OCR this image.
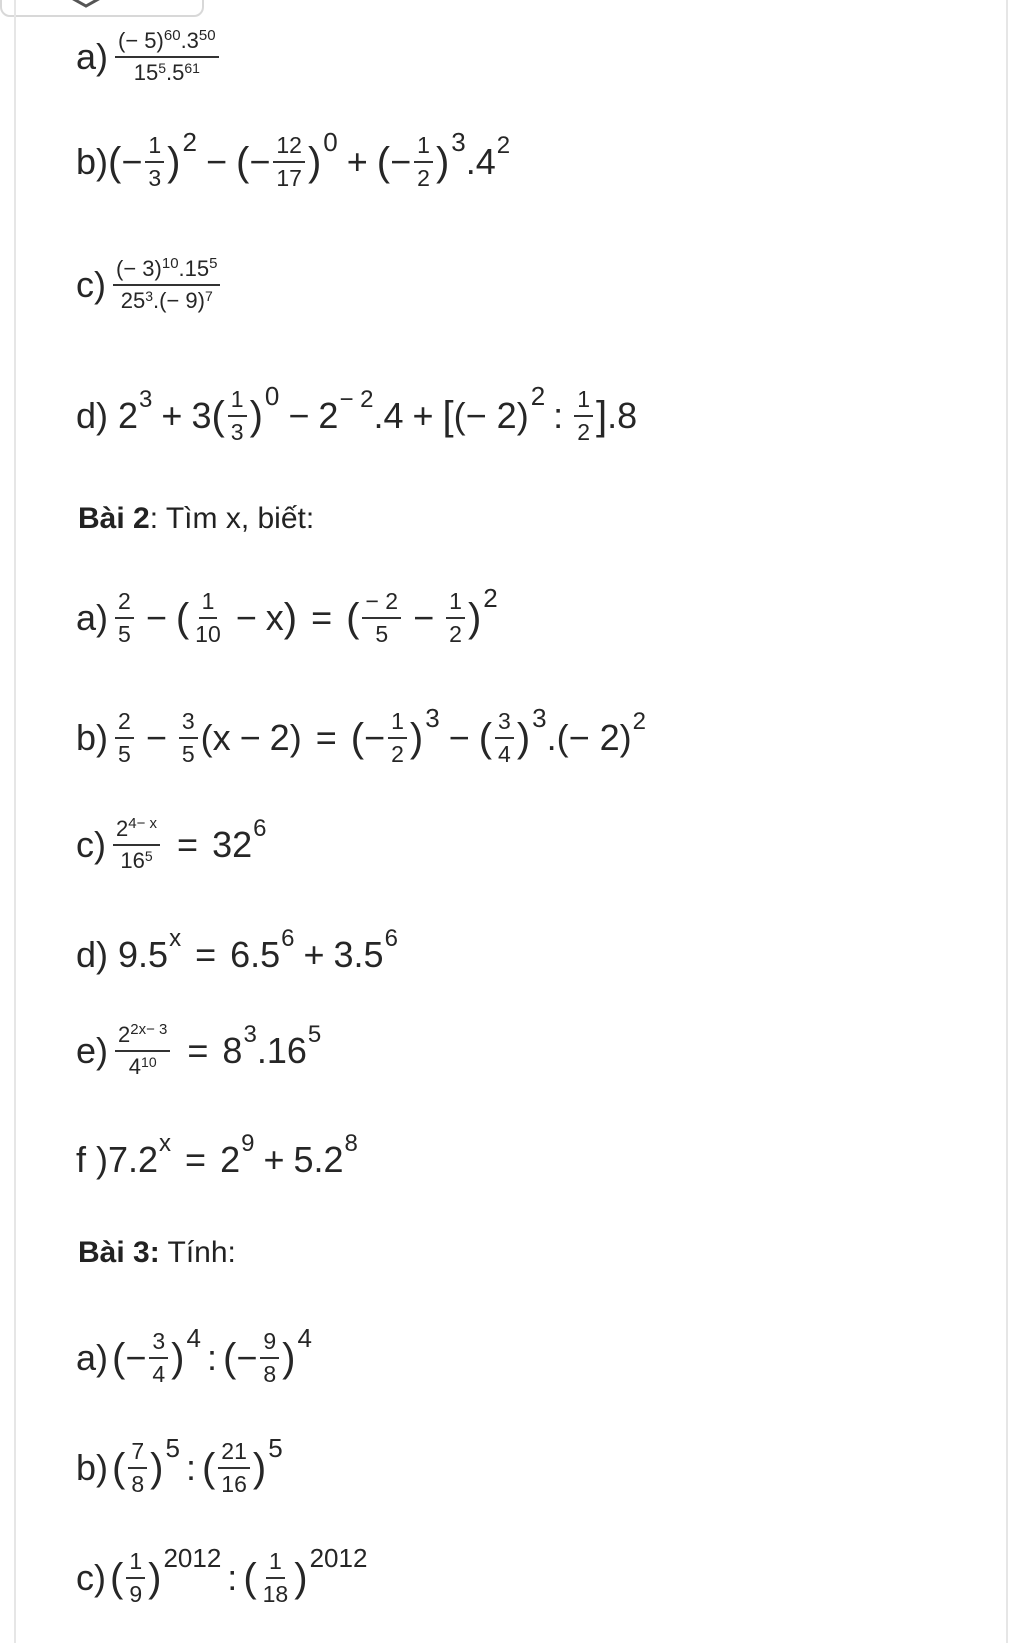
$a) \frac{(- 5)^{60}.3^{50}}{15^5.5^{61}}$
b) ( − $\frac{1}{3}$ ) 2 − ( − $\frac{12}{17}$ ) 0 + ( − $\frac{1}{2}$ ) 3 .4 2
$c) \frac{(- 3)^{10}.15^5}{25^3.(- 9)^7}$
d) 2 3 + 3 ( $\frac{1}{3}$ ) 0 − 2 − 2 .4 + [ (− 2) 2 : $\frac{1}{2}$ ] .8
Bài 2: Tìm x, biết:
$a) \frac{2}{5}$ − ( $\frac{1}{10} - x$ ) = ( $\frac{- 2}{5} - \frac{1}{2}$ ) 2
$b) \frac{2}{5} - \frac{3}{5} (x - 2)$ = ( − $\frac{1}{2}$ ) 3 − ( $\frac{3}{4}$ ) 3 .(− 2) 2
$c) \frac{2^{4- x}}{16^5} = 32$ 6
d) 9.5 x = 6.5 6 + 3.5 6
$e) \frac{2^{2x- 3}}{4^{10}} = 8$ 3 .16 5
f ) 7.2 x = 2 9 + 5.2 8
Bài 3: Tính:
a) ( − $\frac{3}{4}$ ) 4 : ( − $\frac{9}{8}$ ) 4
b) ( $\frac{7}{8}$ ) 5 : ( $\frac{21}{16}$ ) 5
c) ( $\frac{1}{9}$ ) 2012 : ( $\frac{1}{18}$ ) 2012
